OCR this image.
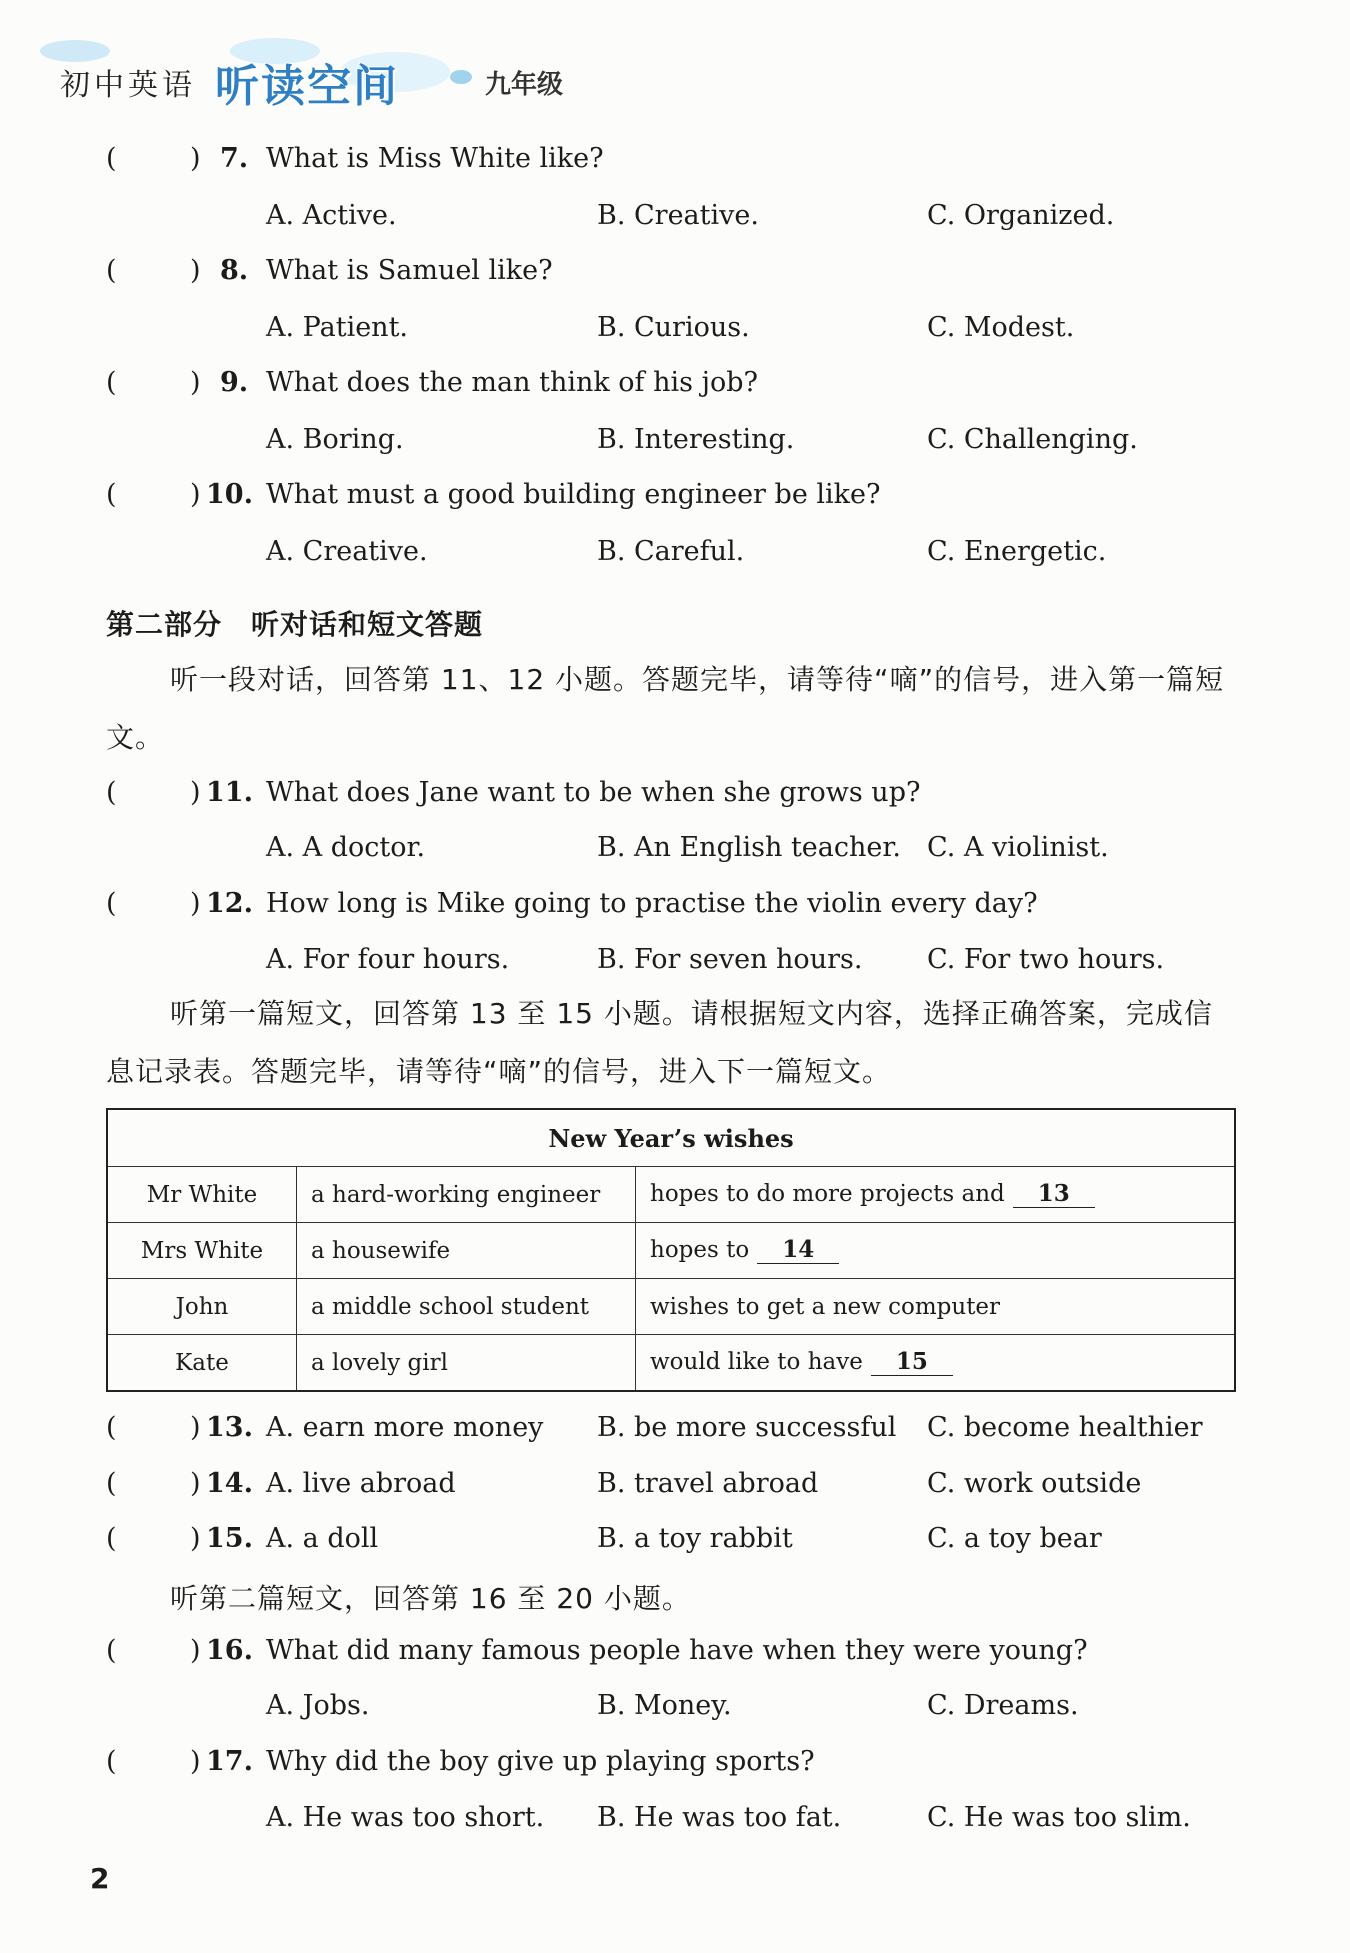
初中英语 听读空间	九年级
(	) 7. What is Miss White like?
A. Active.	B. Creative.	C. Organized.
(	) 8. What is Samuel like?
A. Patient.	B. Curious.	C. Modest.
(	) 9. What does the man think of his job?
A. Boring.	B. Interesting.	C. Challenging.
(	) 10. What must a good building engineer be like?
A. Creative.	B. Careful.	C. Energetic.
第二部分　听对话和短文答题
听一段对话，回答第 11、12 小题。答题完毕，请等待“嘀”的信号，进入第一篇短文。
(	) 11. What does Jane want to be when she grows up?
A. A doctor.	B. An English teacher. C. A violinist.
(	) 12. How long is Mike going to practise the violin every day?
A. For four hours.	B. For seven hours. C. For two hours.
听第一篇短文，回答第 13 至 15 小题。请根据短文内容，选择正确答案，完成信息记录表。答题完毕，请等待“嘀”的信号，进入下一篇短文。
New Year’s wishes		
Mr White	a hard-working engineer	hopes to do more projects and 13
Mrs White	a housewife	hopes to 14
John	a middle school student	wishes to get a new computer
Kate	a lovely girl	would like to have 15
(	) 13. A. earn more money B. be more successful C. become healthier
(	) 14. A. live abroad	B. travel abroad	C. work outside
(	) 15. A. a doll	B. a toy rabbit	C. a toy bear
听第二篇短文，回答第 16 至 20 小题。
(	) 16. What did many famous people have when they were young?
A. Jobs.	B. Money.	C. Dreams.
(	) 17. Why did the boy give up playing sports?
A. He was too short. B. He was too fat.	C. He was too slim.
2
